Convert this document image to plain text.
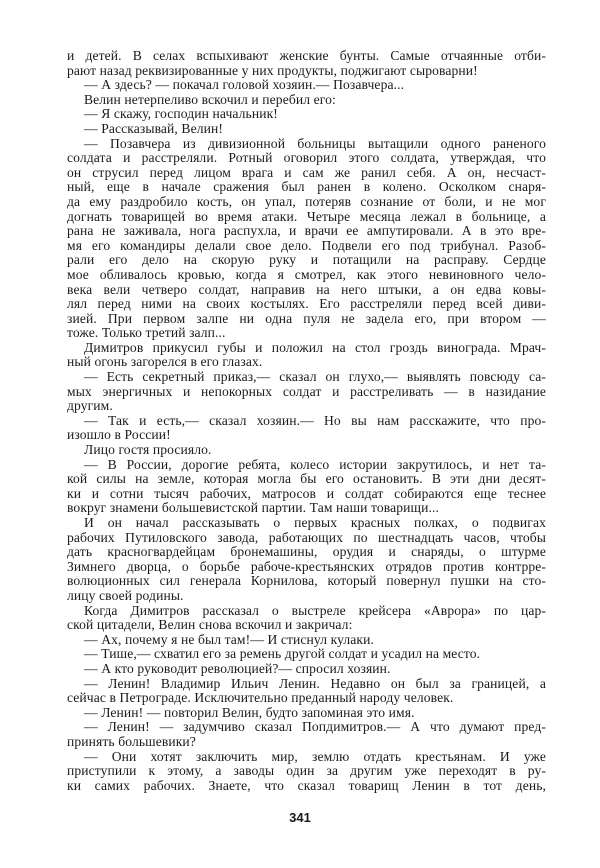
и детей. В селах вспыхивают женские бунты. Самые отчаянные отби-
рают назад реквизированные у них продукты, поджигают сыроварни!
— А здесь? — покачал головой хозяин.— Позавчера...
Велин нетерпеливо вскочил и перебил его:
— Я скажу, господин начальник!
— Рассказывай, Велин!
— Позавчера из дивизионной больницы вытащили одного раненого
солдата и расстреляли. Ротный оговорил этого солдата, утверждая, что
он струсил перед лицом врага и сам же ранил себя. А он, несчаст-
ный, еще в начале сражения был ранен в колено. Осколком снаря-
да ему раздробило кость, он упал, потеряв сознание от боли, и не мог
догнать товарищей во время атаки. Четыре месяца лежал в больнице, а
рана не заживала, нога распухла, и врачи ее ампутировали. А в это вре-
мя его командиры делали свое дело. Подвели его под трибунал. Разоб-
рали его дело на скорую руку и потащили на расправу. Сердце
мое обливалось кровью, когда я смотрел, как этого невиновного чело-
века вели четверо солдат, направив на него штыки, а он едва ковы-
лял перед ними на своих костылях. Его расстреляли перед всей диви-
зией. При первом залпе ни одна пуля не задела его, при втором —
тоже. Только третий залп...
Димитров прикусил губы и положил на стол гроздь винограда. Мрач-
ный огонь загорелся в его глазах.
— Есть секретный приказ,— сказал он глухо,— выявлять повсюду са-
мых энергичных и непокорных солдат и расстреливать — в назидание
другим.
— Так и есть,— сказал хозяин.— Но вы нам расскажите, что про-
изошло в России!
Лицо гостя просияло.
— В России, дорогие ребята, колесо истории закрутилось, и нет та-
кой силы на земле, которая могла бы его остановить. В эти дни десят-
ки и сотни тысяч рабочих, матросов и солдат собираются еще теснее
вокруг знамени большевистской партии. Там наши товарищи...
И он начал рассказывать о первых красных полках, о подвигах
рабочих Путиловского завода, работающих по шестнадцать часов, чтобы
дать красногвардейцам бронемашины, орудия и снаряды, о штурме
Зимнего дворца, о борьбе рабоче-крестьянских отрядов против контрре-
волюционных сил генерала Корнилова, который повернул пушки на сто-
лицу своей родины.
Когда Димитров рассказал о выстреле крейсера «Аврора» по цар-
ской цитадели, Велин снова вскочил и закричал:
— Ах, почему я не был там!— И стиснул кулаки.
— Тише,— схватил его за ремень другой солдат и усадил на место.
— А кто руководит революцией?— спросил хозяин.
— Ленин! Владимир Ильич Ленин. Недавно он был за границей, а
сейчас в Петрограде. Исключительно преданный народу человек.
— Ленин! — повторил Велин, будто запоминая это имя.
— Ленин! — задумчиво сказал Попдимитров.— А что думают пред-
принять большевики?
— Они хотят заключить мир, землю отдать крестьянам. И уже
приступили к этому, а заводы один за другим уже переходят в ру-
ки самих рабочих. Знаете, что сказал товарищ Ленин в тот день,
341
